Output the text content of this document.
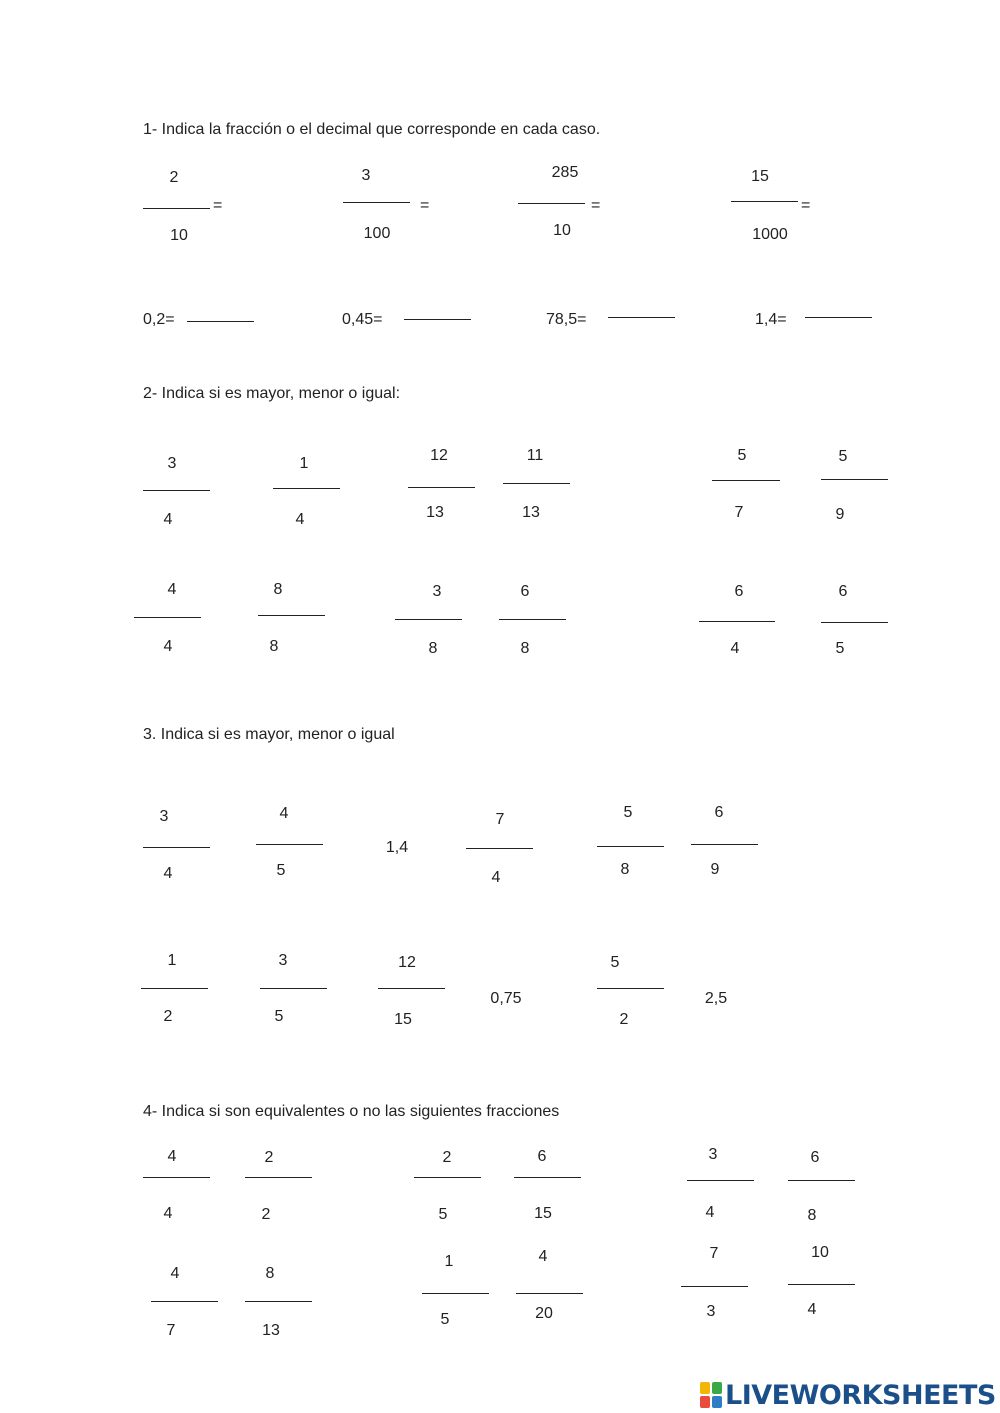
1- Indica la fracción o el decimal que corresponde en cada caso.
2
=
10
3
=
100
285
=
10
15
=
1000
0,2=	0,45=	78,5=	1,4=
2- Indica si es mayor, menor o igual:
3
4
1
4
12
13
11
13
5
7
5
9
4
4
8
8
3
8
6
8
6
4
6
5
3. Indica si es mayor, menor o igual
3
4
4
5
1,4
7
4
5
8
6
9
1
2
3
5
12
15
0,75
5
2
2,5
4- Indica si son equivalentes o no las siguientes fracciones
4
4
2
2
2
5
6
15
3
4
6
8
4
7
8
13
1
5
4
20
7
3
10
4
LIVEWORKSHEETS
